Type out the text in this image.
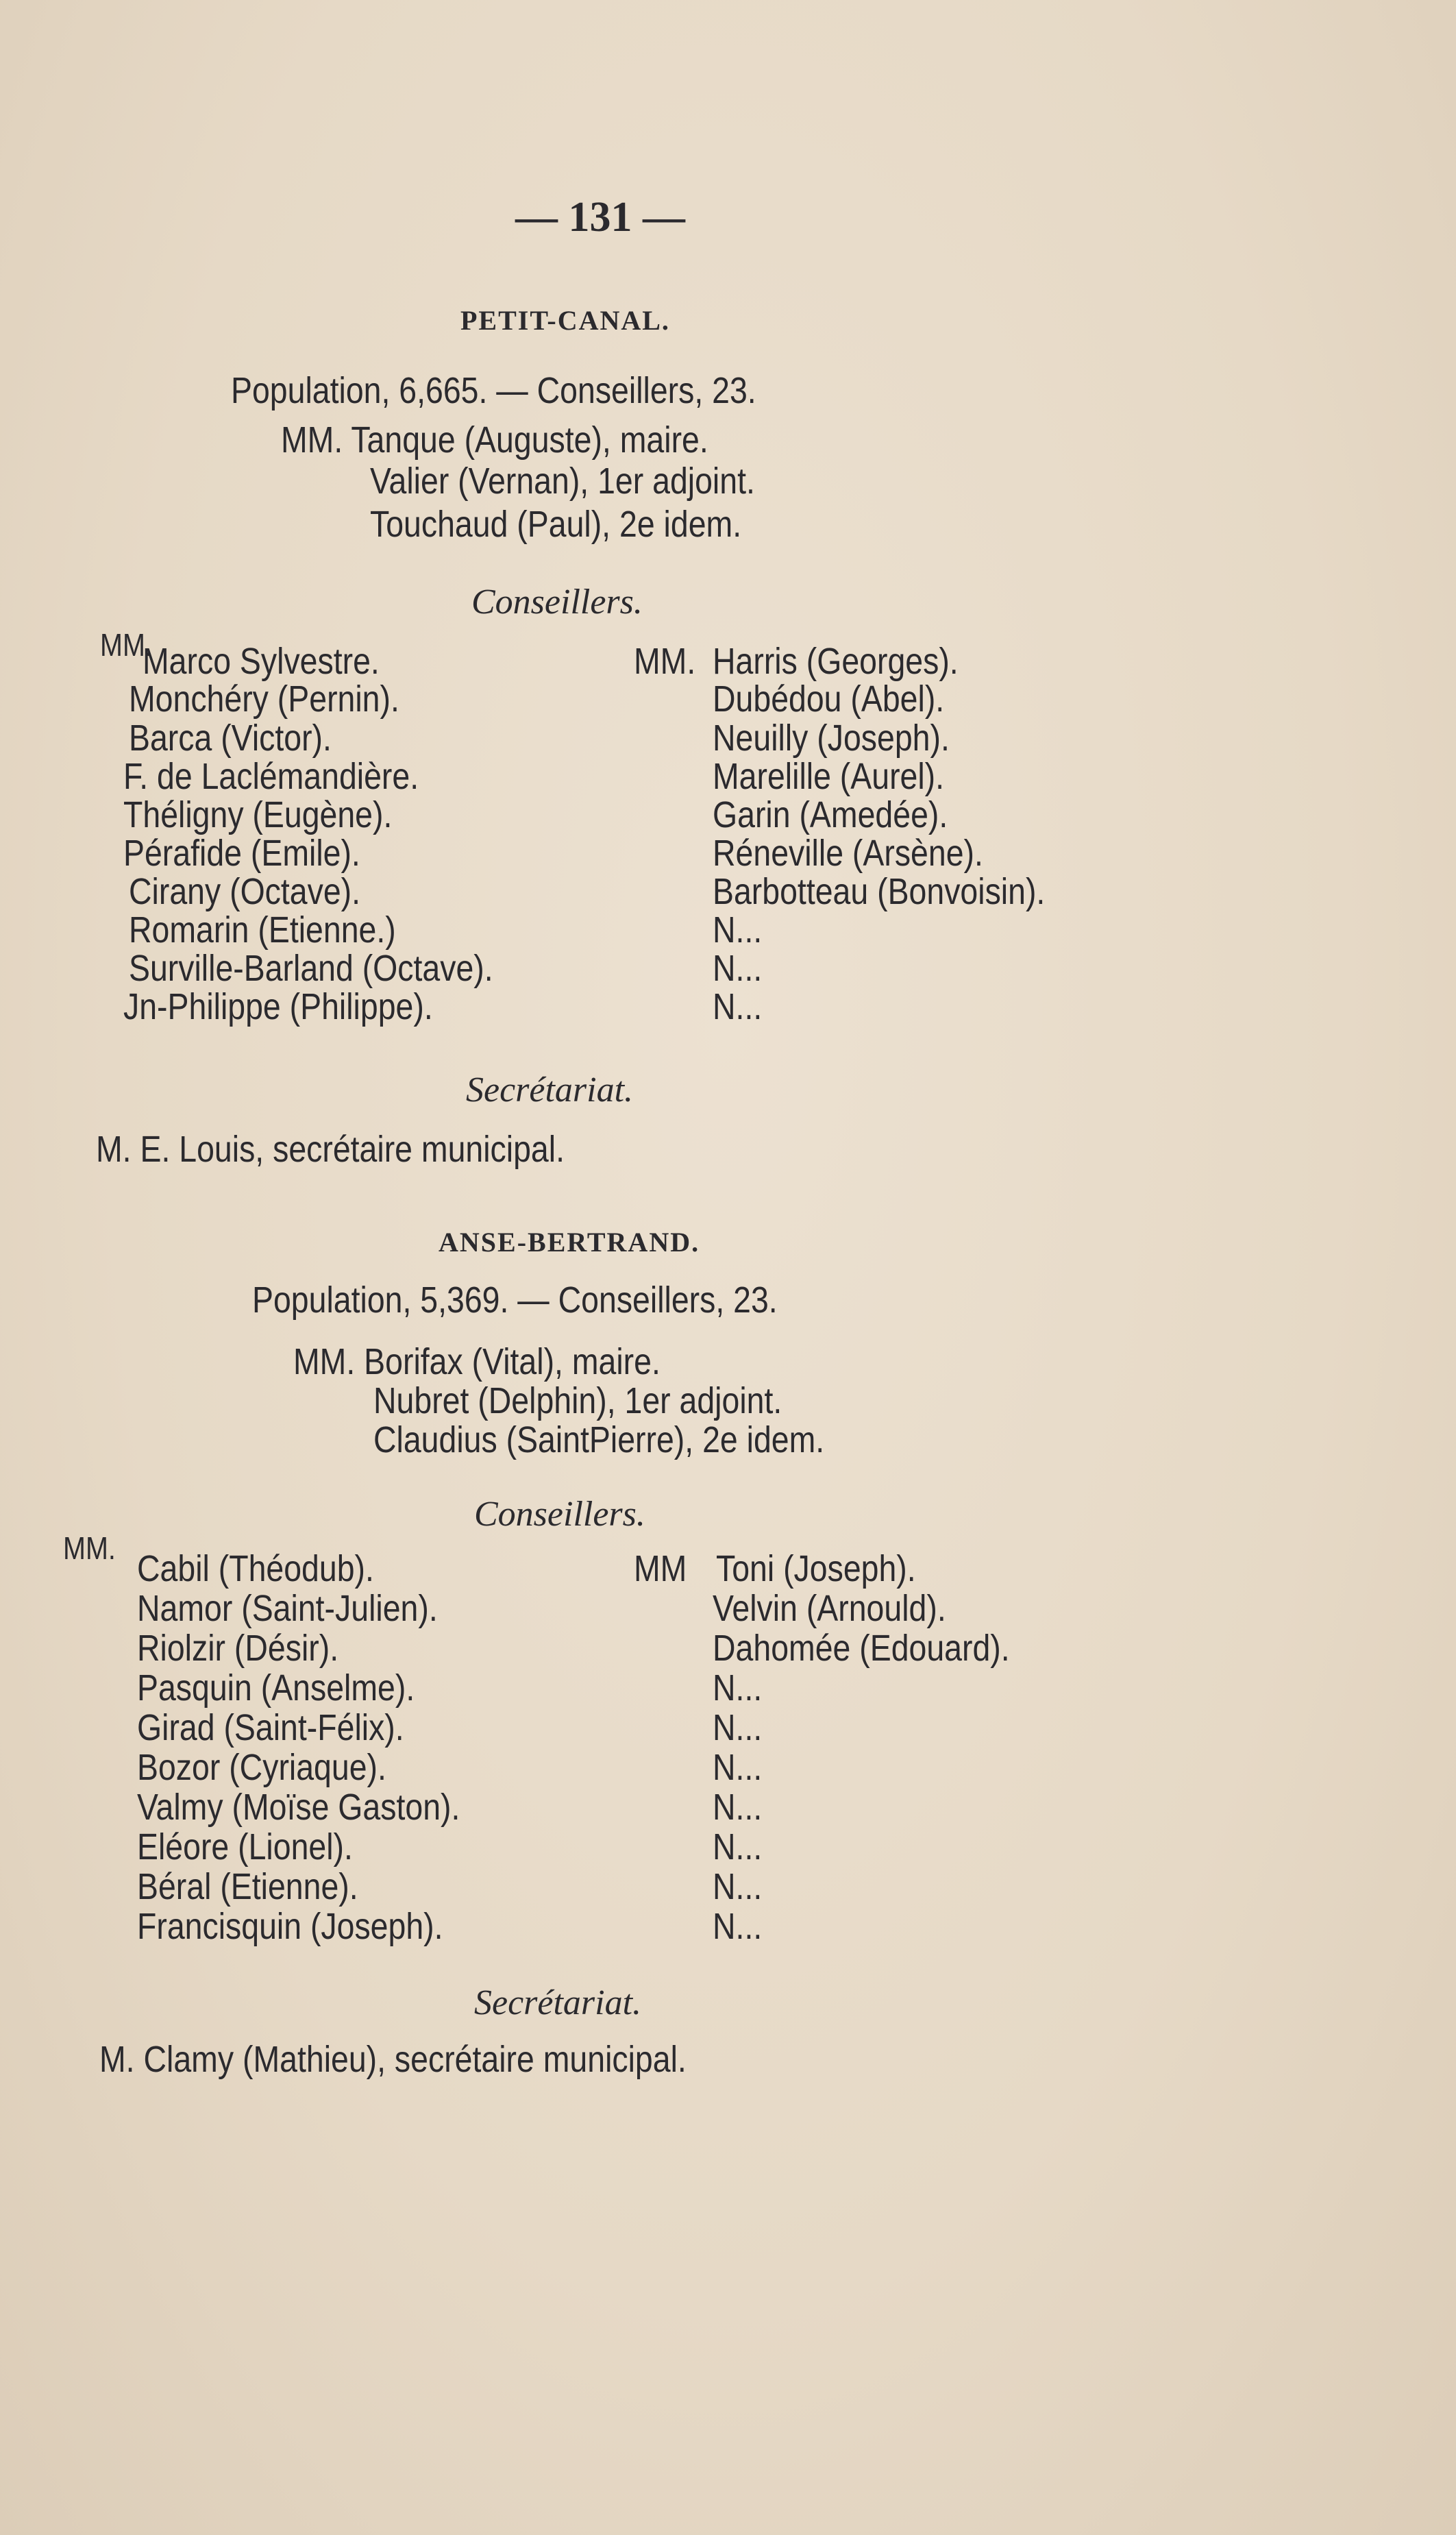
— 131 —
PETIT-CANAL.
Population, 6,665. — Conseillers, 23.
MM. Tanque (Auguste), maire.
Valier (Vernan), 1er adjoint.
Touchaud (Paul), 2e idem.
Conseillers.
MM.
Marco Sylvestre.
Monchéry (Pernin).
Barca (Victor).
F. de Laclémandière.
Théligny (Eugène).
Pérafide (Emile).
Cirany (Octave).
Romarin (Etienne.)
Surville-Barland (Octave).
Jn-Philippe (Philippe).
MM. Harris (Georges).
Dubédou (Abel).
Neuilly (Joseph).
Marelille (Aurel).
Garin (Amedée).
Réneville (Arsène).
Barbotteau (Bonvoisin).
N...
N...
N...
Secrétariat.
M. E. Louis, secrétaire municipal.
ANSE-BERTRAND.
Population, 5,369. — Conseillers, 23.
MM. Borifax (Vital), maire.
Nubret (Delphin), 1er adjoint.
Claudius (SaintPierre), 2e idem.
Conseillers.
MM. Cabil (Théodub).
Namor (Saint-Julien).
Riolzir (Désir).
Pasquin (Anselme).
Girad (Saint-Félix).
Bozor (Cyriaque).
Valmy (Moïse Gaston).
Eléore (Lionel).
Béral (Etienne).
Francisquin (Joseph).
MM Toni (Joseph).
Velvin (Arnould).
Dahomée (Edouard).
N...
N...
N...
N...
N...
N...
N...
Secrétariat.
M. Clamy (Mathieu), secrétaire municipal.
